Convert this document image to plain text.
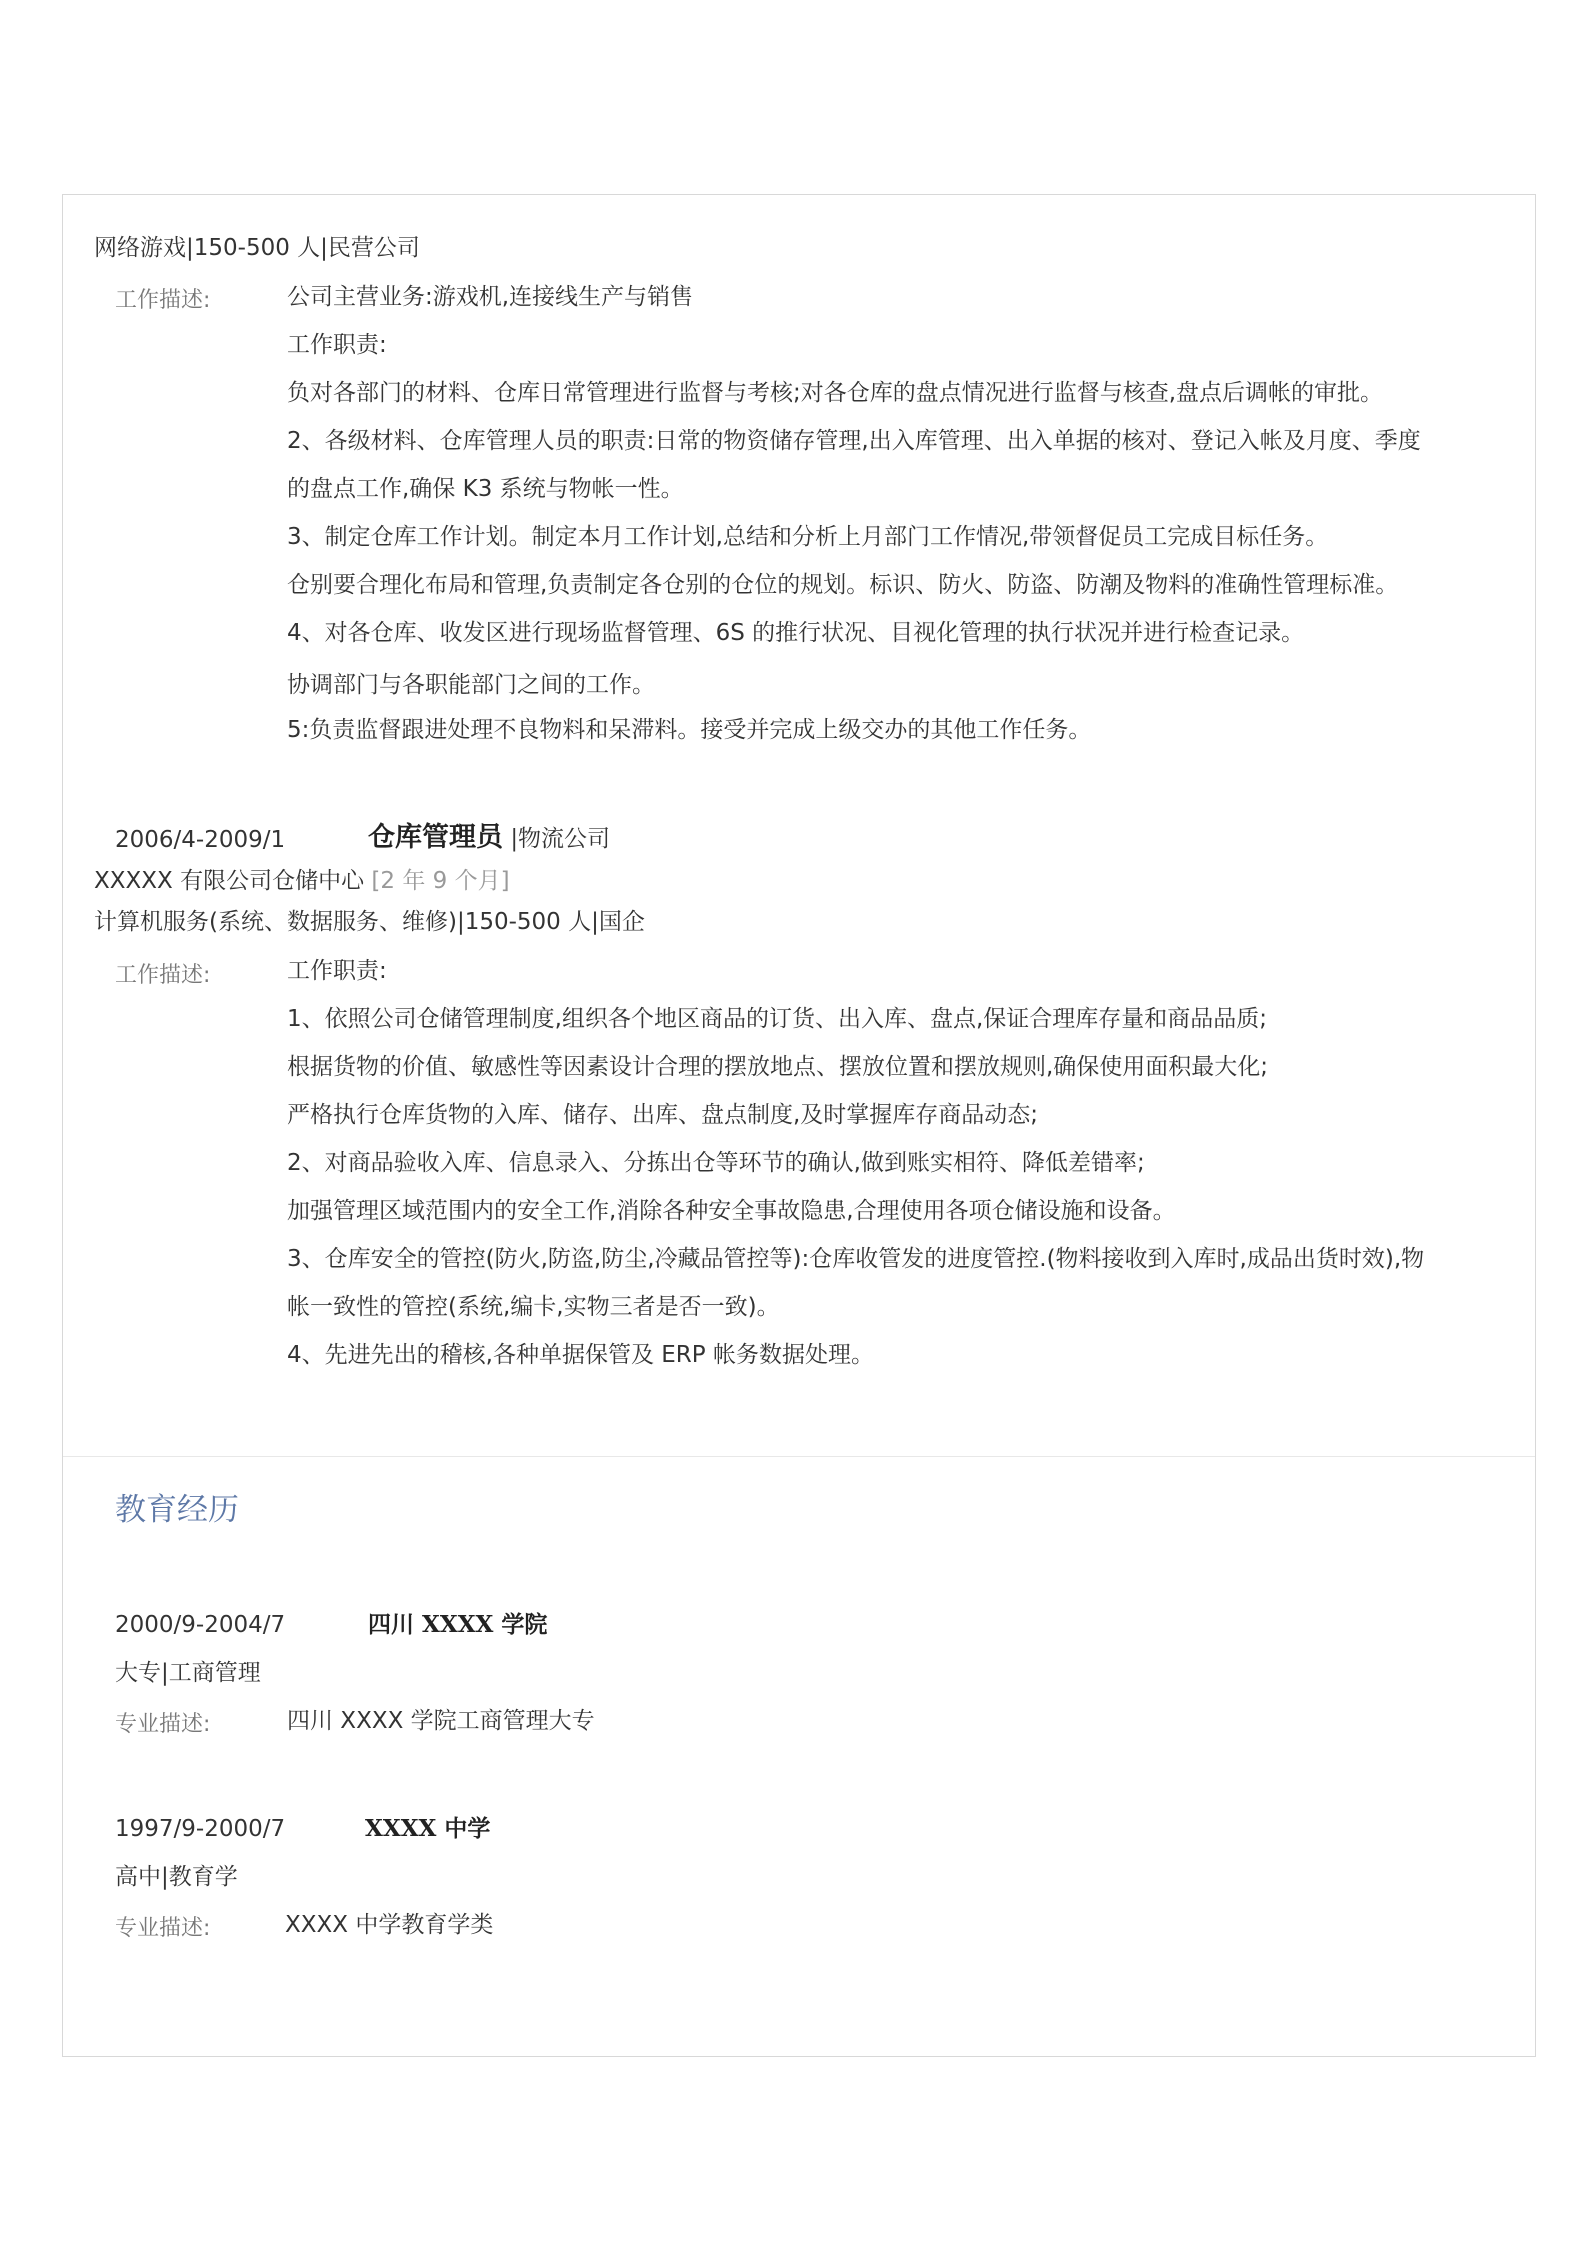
网络游戏|150-500 人|民营公司
工作描述:	公司主营业务:游戏机,连接线生产与销售
工作职责:
负对各部门的材料、仓库日常管理进行监督与考核;对各仓库的盘点情况进行监督与核查,盘点后调帐的审批。
2、各级材料、仓库管理人员的职责:日常的物资储存管理,出入库管理、出入单据的核对、登记入帐及月度、季度
的盘点工作,确保 K3 系统与物帐一性。
3、制定仓库工作计划。制定本月工作计划,总结和分析上月部门工作情况,带领督促员工完成目标任务。
仓别要合理化布局和管理,负责制定各仓别的仓位的规划。标识、防火、防盗、防潮及物料的准确性管理标准。
4、对各仓库、收发区进行现场监督管理、6S 的推行状况、目视化管理的执行状况并进行检查记录。
协调部门与各职能部门之间的工作。
5:负责监督跟进处理不良物料和呆滞料。接受并完成上级交办的其他工作任务。
2006/4-2009/1	仓库管理员 |物流公司
XXXXX 有限公司仓储中心 [2 年 9 个月]
计算机服务(系统、数据服务、维修)|150-500 人|国企
工作描述:	工作职责:
1、依照公司仓储管理制度,组织各个地区商品的订货、出入库、盘点,保证合理库存量和商品品质;
根据货物的价值、敏感性等因素设计合理的摆放地点、摆放位置和摆放规则,确保使用面积最大化;
严格执行仓库货物的入库、储存、出库、盘点制度,及时掌握库存商品动态;
2、对商品验收入库、信息录入、分拣出仓等环节的确认,做到账实相符、降低差错率;
加强管理区域范围内的安全工作,消除各种安全事故隐患,合理使用各项仓储设施和设备。
3、仓库安全的管控(防火,防盗,防尘,冷藏品管控等):仓库收管发的进度管控.(物料接收到入库时,成品出货时效),物
帐一致性的管控(系统,编卡,实物三者是否一致)。
4、先进先出的稽核,各种单据保管及 ERP 帐务数据处理。
教育经历
2000/9-2004/7	四川 XXXX 学院
大专|工商管理
专业描述:	四川 XXXX 学院工商管理大专
1997/9-2000/7	XXXX 中学
高中|教育学
专业描述:	XXXX 中学教育学类
